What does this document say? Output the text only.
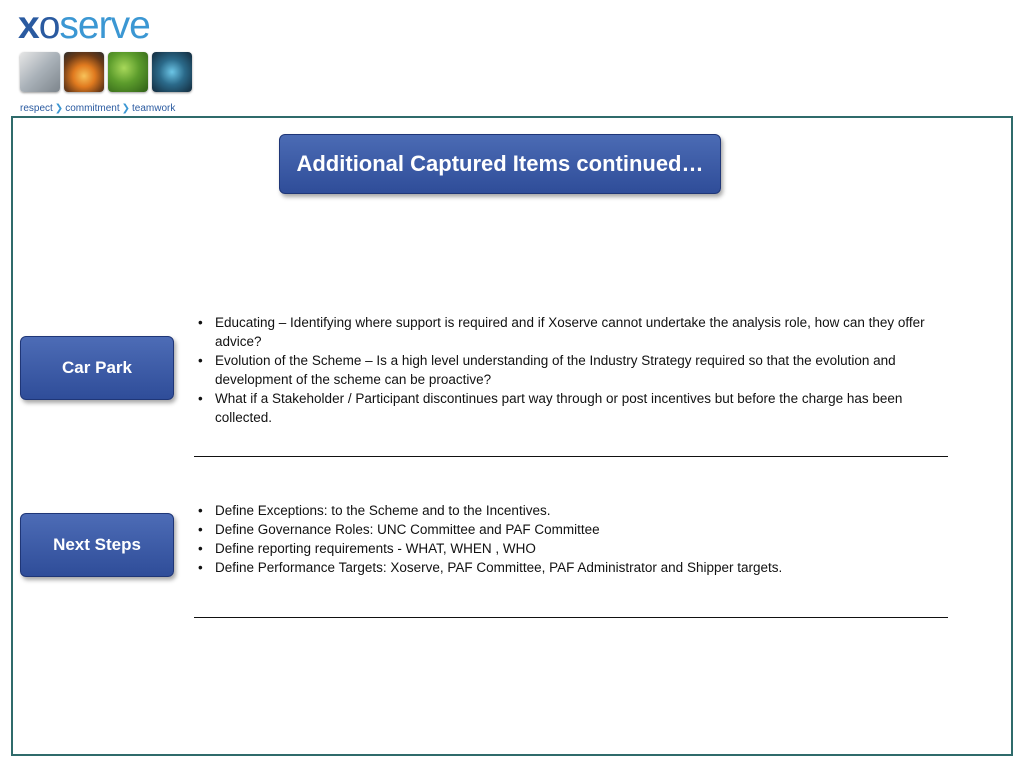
xoserve
respect ❯ commitment ❯ teamwork
Additional Captured Items continued…
Car Park
• Educating – Identifying where support is required and if Xoserve cannot undertake the analysis role, how can they offer advice?
• Evolution of the Scheme – Is a high level understanding of the Industry Strategy required so that the evolution and development of the scheme can be proactive?
• What if a Stakeholder / Participant discontinues part way through or post incentives but before the charge has been collected.
Next Steps
• Define Exceptions: to the Scheme and to the Incentives.
• Define Governance Roles: UNC Committee and PAF Committee
• Define reporting requirements - WHAT, WHEN , WHO
• Define Performance Targets: Xoserve, PAF Committee, PAF Administrator and Shipper targets.
